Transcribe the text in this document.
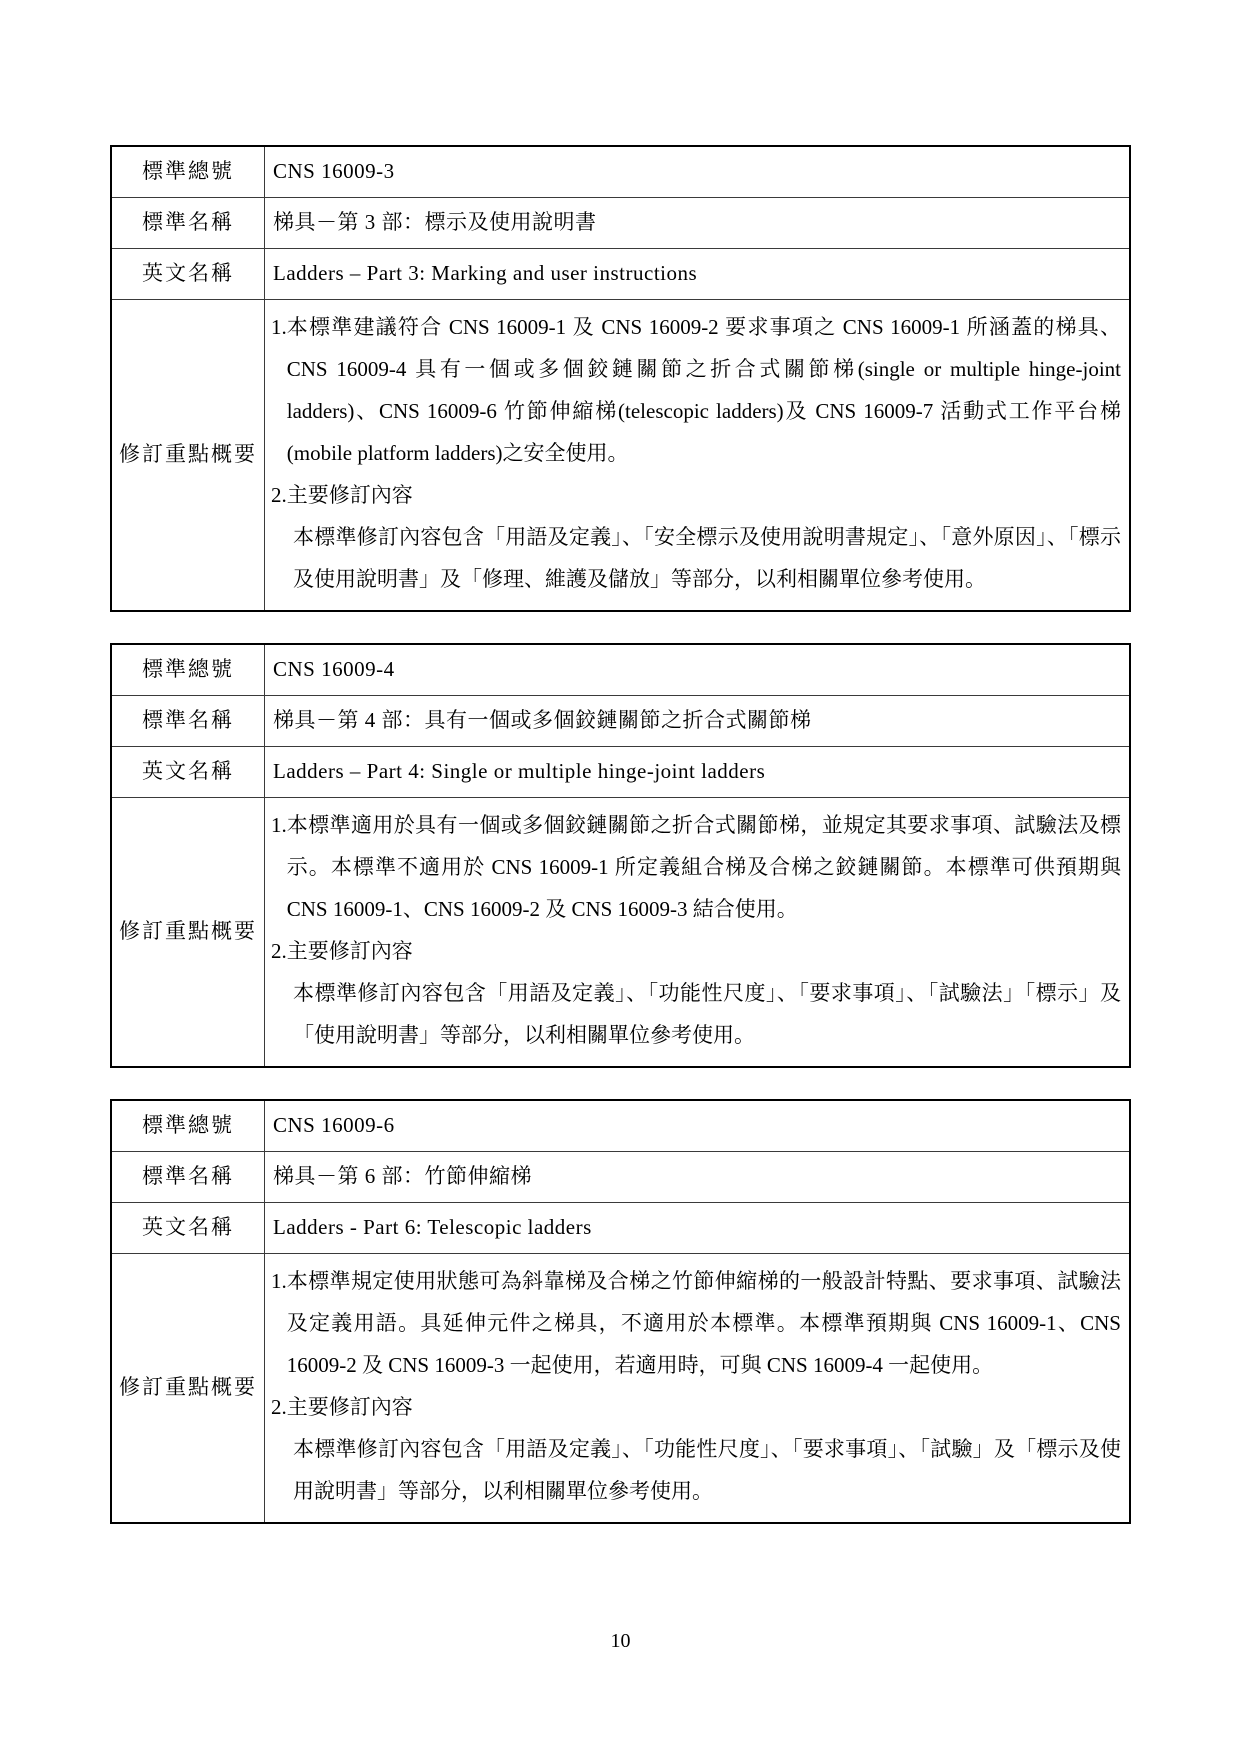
標準總號	CNS 16009-3
標準名稱	梯具－第 3 部：標示及使用說明書
英文名稱	Ladders – Part 3: Marking and user instructions
修訂重點概要	1. 本標準建議符合 CNS 16009-1 及 CNS 16009-2 要求事項之 CNS 16009-1 所涵蓋的梯具、CNS 16009-4 具有一個或多個鉸鏈關節之折合式關節梯(single or multiple hinge-joint ladders)、CNS 16009-6 竹節伸縮梯(telescopic ladders)及 CNS 16009-7 活動式工作平台梯(mobile platform ladders)之安全使用。
2. 主要修訂內容
本標準修訂內容包含「用語及定義」、「安全標示及使用說明書規定」、「意外原因」、「標示及使用說明書」及「修理、維護及儲放」等部分，以利相關單位參考使用。
標準總號	CNS 16009-4
標準名稱	梯具－第 4 部：具有一個或多個鉸鏈關節之折合式關節梯
英文名稱	Ladders – Part 4: Single or multiple hinge-joint ladders
修訂重點概要	1. 本標準適用於具有一個或多個鉸鏈關節之折合式關節梯，並規定其要求事項、試驗法及標示。本標準不適用於 CNS 16009-1 所定義組合梯及合梯之鉸鏈關節。本標準可供預期與 CNS 16009-1、CNS 16009-2 及 CNS 16009-3 結合使用。
2. 主要修訂內容
本標準修訂內容包含「用語及定義」、「功能性尺度」、「要求事項」、「試驗法」「標示」及「使用說明書」等部分，以利相關單位參考使用。
標準總號	CNS 16009-6
標準名稱	梯具－第 6 部：竹節伸縮梯
英文名稱	Ladders - Part 6: Telescopic ladders
修訂重點概要	1. 本標準規定使用狀態可為斜靠梯及合梯之竹節伸縮梯的一般設計特點、要求事項、試驗法及定義用語。具延伸元件之梯具，不適用於本標準。本標準預期與 CNS 16009-1、CNS 16009-2 及 CNS 16009-3 一起使用，若適用時，可與 CNS 16009-4 一起使用。
2. 主要修訂內容
本標準修訂內容包含「用語及定義」、「功能性尺度」、「要求事項」、「試驗」及「標示及使用說明書」等部分，以利相關單位參考使用。
10
